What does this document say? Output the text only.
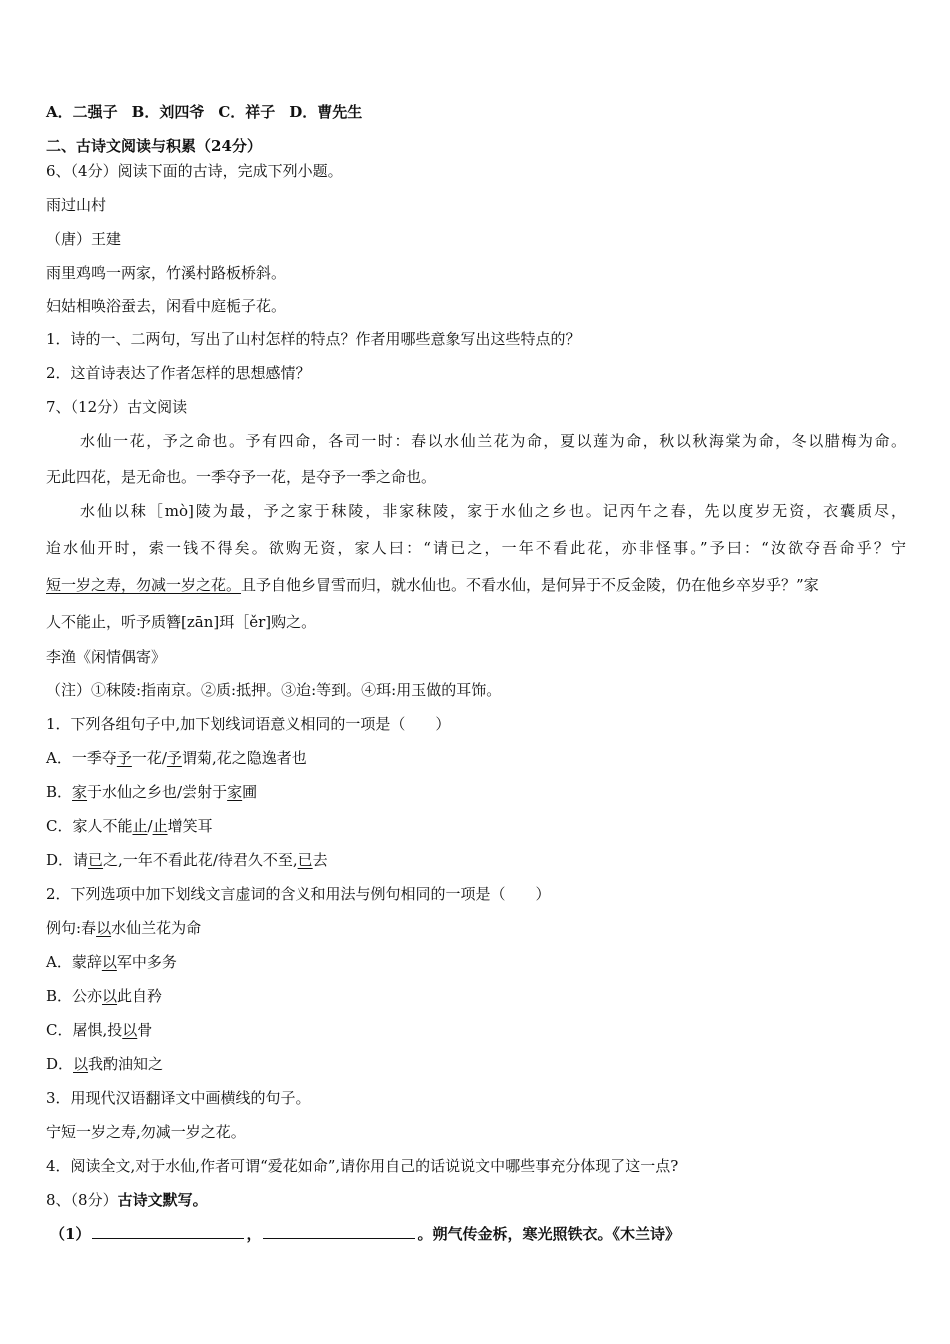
A．二强子 B．刘四爷 C．祥子 D．曹先生
二、古诗文阅读与积累（24分）
6、（4分）阅读下面的古诗，完成下列小题。
雨过山村
（唐）王建
雨里鸡鸣一两家，竹溪村路板桥斜。
妇姑相唤浴蚕去，闲看中庭栀子花。
1．诗的一、二两句，写出了山村怎样的特点？作者用哪些意象写出这些特点的？
2．这首诗表达了作者怎样的思想感情？
7、（12分）古文阅读
水仙一花，予之命也。予有四命，各司一时：春以水仙兰花为命，夏以莲为命，秋以秋海棠为命，冬以腊梅为命。
无此四花，是无命也。一季夺予一花，是夺予一季之命也。
水仙以秣［mò]陵为最，予之家于秣陵，非家秣陵，家于水仙之乡也。记丙午之春，先以度岁无资，衣囊质尽，
迨水仙开时，索一钱不得矣。欲购无资，家人曰：“请已之，一年不看此花，亦非怪事。”予曰：“汝欲夺吾命乎？宁
短一岁之寿，勿减一岁之花。且予自他乡冒雪而归，就水仙也。不看水仙，是何异于不反金陵，仍在他乡卒岁乎？”家
人不能止，听予质簪[zān]珥［ěr]购之。
李渔《闲情偶寄》
（注）①秣陵:指南京。②质:抵押。③迨:等到。④珥:用玉做的耳饰。
1．下列各组句子中,加下划线词语意义相同的一项是（　　）
A．一季夺予一花/予谓菊,花之隐逸者也
B．家于水仙之乡也/尝射于家圃
C．家人不能止/止增笑耳
D．请已之,一年不看此花/待君久不至,已去
2．下列选项中加下划线文言虚词的含义和用法与例句相同的一项是（　　）
例句:春以水仙兰花为命
A．蒙辞以军中多务
B．公亦以此自矜
C．屠惧,投以骨
D．以我酌油知之
3．用现代汉语翻译文中画横线的句子。
宁短一岁之寿,勿减一岁之花。
4．阅读全文,对于水仙,作者可谓“爱花如命”,请你用自己的话说说文中哪些事充分体现了这一点?
8、（8分）古诗文默写。
（1）	，	。朔气传金柝，寒光照铁衣。《木兰诗》
